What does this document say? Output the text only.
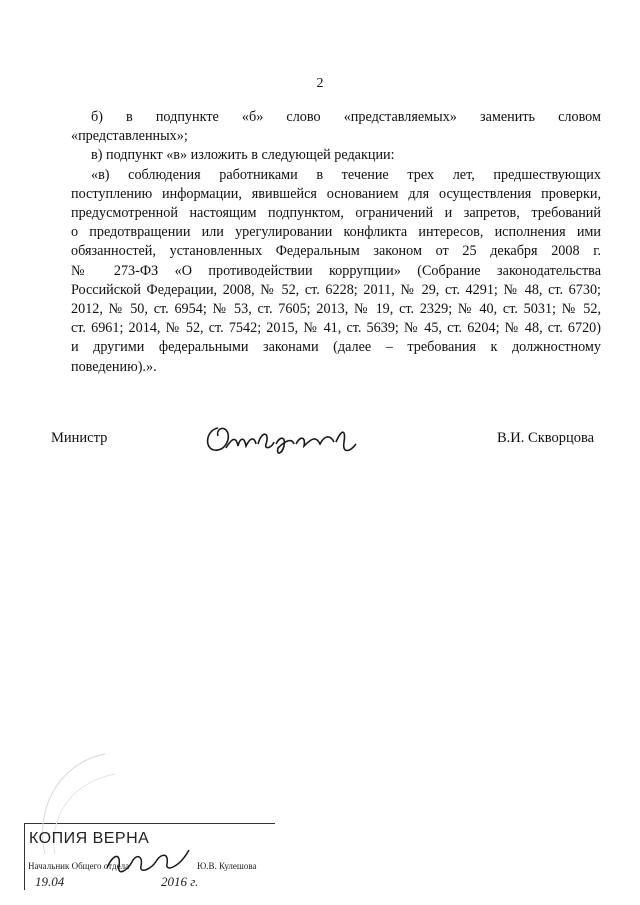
2

б) в подпункте «б» слово «представляемых» заменить словом
«представленных»;

в) подпункт «в» изложить в следующей редакции:

«в) соблюдения работниками в течение трех лет, предшествующих
поступлению информации, явившейся основанием для осуществления проверки,
предусмотренной настоящим подпунктом, ограничений и запретов, требований
о предотвращении или урегулировании конфликта интересов, исполнения ими
обязанностей, установленных Федеральным законом от 25 декабря 2008 г.
№ 273-ФЗ «О противодействии коррупции» (Собрание законодательства
Российской Федерации, 2008, № 52, ст. 6228; 2011, № 29, ст. 4291; № 48, ст. 6730;
2012, № 50, ст. 6954; № 53, ст. 7605; 2013, № 19, ст. 2329; № 40, ст. 5031; № 52,
ст. 6961; 2014, № 52, ст. 7542; 2015, № 41, ст. 5639; № 45, ст. 6204; № 48, ст. 6720)
и другими федеральными законами (далее – требования к должностному
поведению).».

Министр	В.И. Скворцова
КОПИЯ ВЕРНА
Начальник Общего отдела	Ю.В. Кулешова
19.04	2016 г.
